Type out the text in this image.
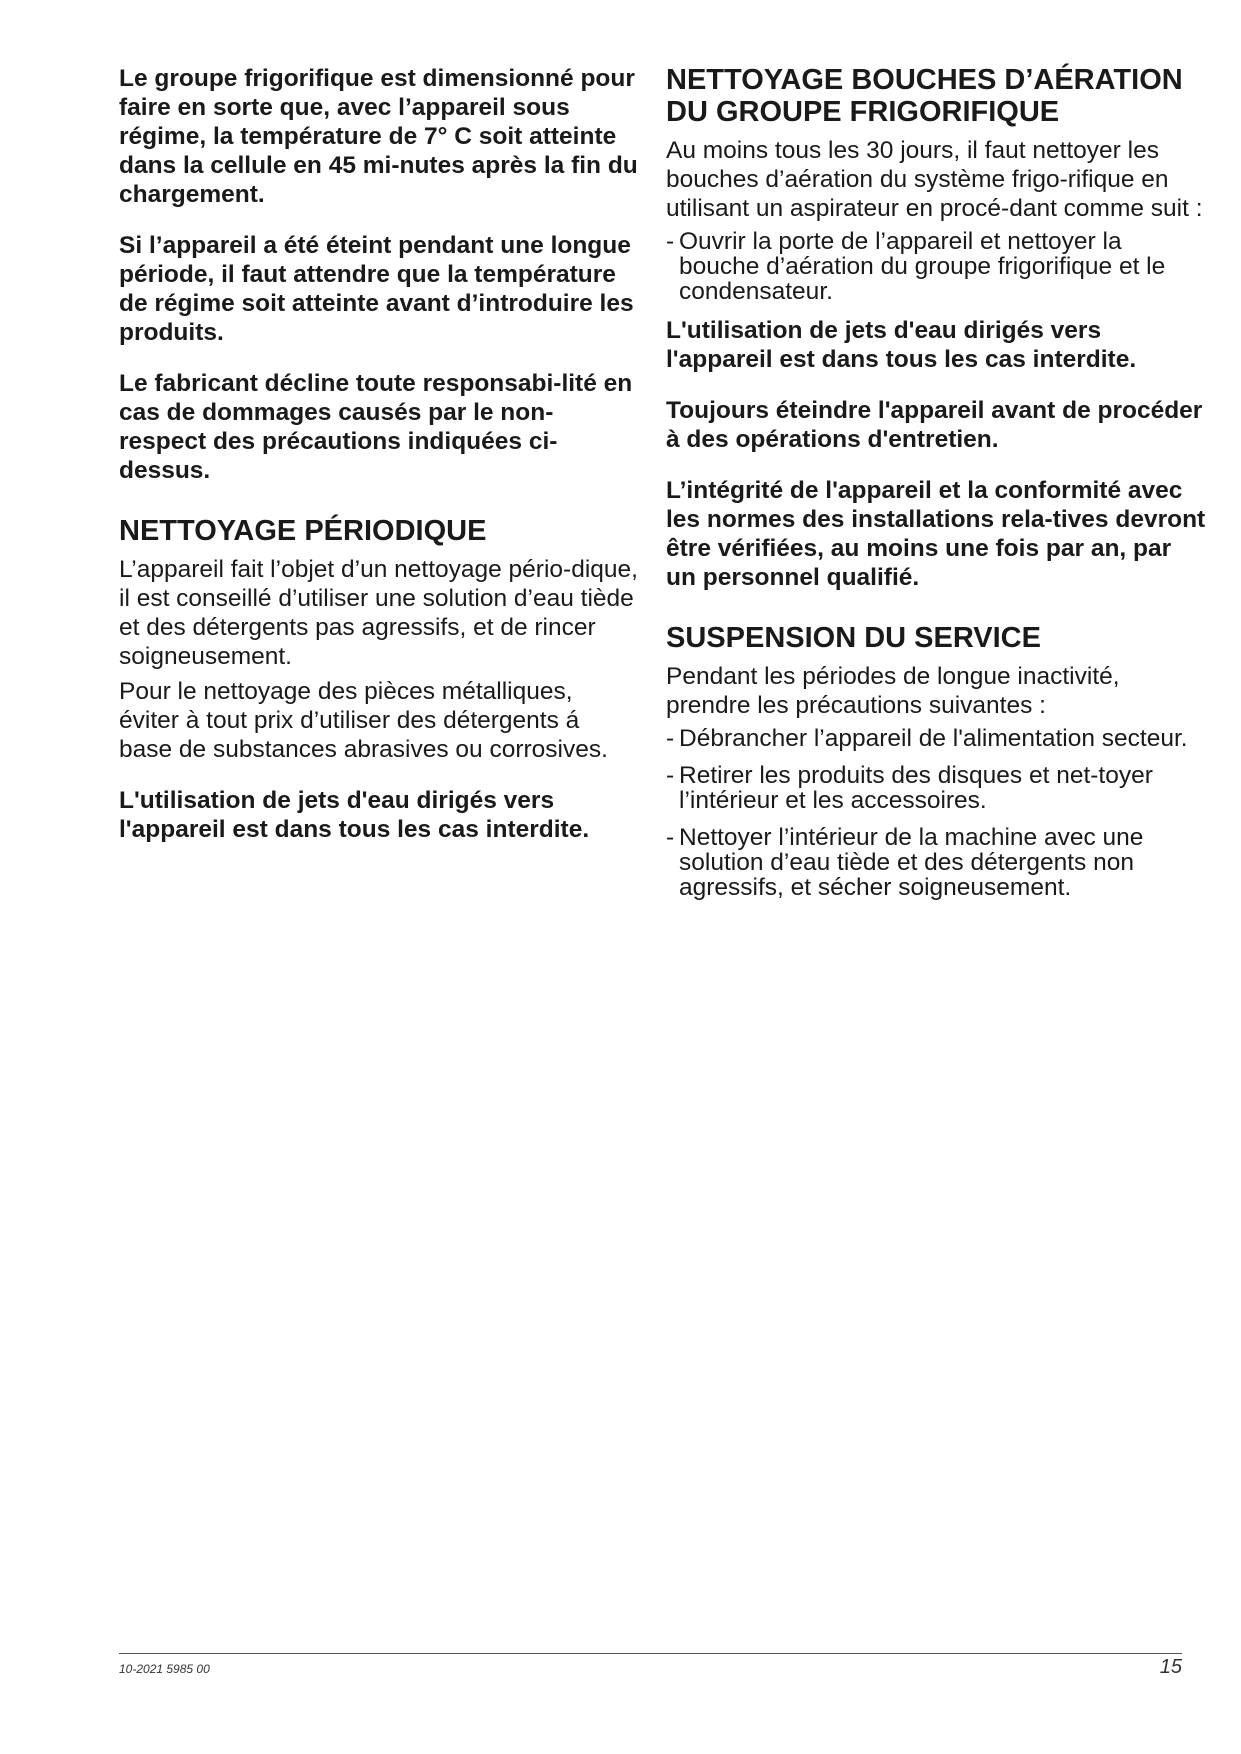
Le groupe frigorifique est dimensionné pour faire en sorte que, avec l’appareil sous régime, la température de 7° C soit atteinte dans la cellule en 45 mi-nutes après la fin du chargement.

Si l’appareil a été éteint pendant une longue période, il faut attendre que la température de régime soit atteinte avant d’introduire les produits.

Le fabricant décline toute responsabi-lité en cas de dommages causés par le non-respect des précautions indiquées ci-dessus.

NETTOYAGE PÉRIODIQUE

L’appareil fait l’objet d’un nettoyage pério-dique, il est conseillé d’utiliser une solution d’eau tiède et des détergents pas agressifs, et de rincer soigneusement.

Pour le nettoyage des pièces métalliques, éviter à tout prix d’utiliser des détergents á base de substances abrasives ou corrosives.

L'utilisation de jets d'eau dirigés vers l'appareil est dans tous les cas interdite.

NETTOYAGE BOUCHES D’AÉRATION DU GROUPE FRIGORIFIQUE

Au moins tous les 30 jours, il faut nettoyer les bouches d’aération du système frigo-rifique en utilisant un aspirateur en procé-dant comme suit :

- Ouvrir la porte de l’appareil et nettoyer la bouche d’aération du groupe frigorifique et le condensateur.

L'utilisation de jets d'eau dirigés vers l'appareil est dans tous les cas interdite.

Toujours éteindre l'appareil avant de procéder à des opérations d'entretien.

L’intégrité de l'appareil et la conformité avec les normes des installations rela-tives devront être vérifiées, au moins une fois par an, par un personnel qualifié.

SUSPENSION DU SERVICE

Pendant les périodes de longue inactivité, prendre les précautions suivantes :

- Débrancher l’appareil de l'alimentation secteur.
- Retirer les produits des disques et net-toyer l’intérieur et les accessoires.
- Nettoyer l’intérieur de la machine avec une solution d’eau tiède et des détergents non agressifs, et sécher soigneusement.
10-2021 5985 00	15
